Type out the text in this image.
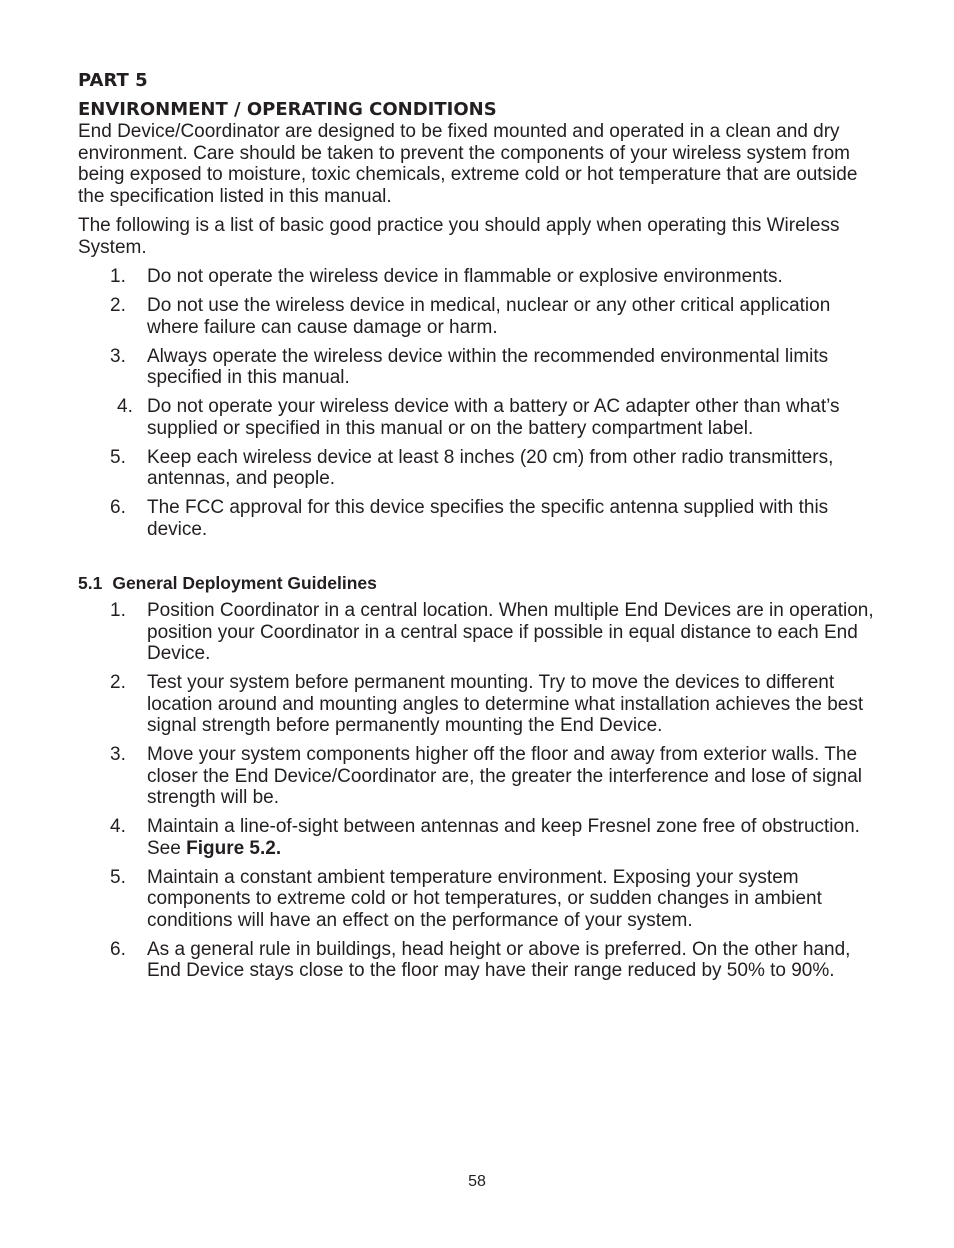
PART 5
ENVIRONMENT / OPERATING CONDITIONS

End Device/Coordinator are designed to be fixed mounted and operated in a clean and dry environment. Care should be taken to prevent the components of your wireless system from being exposed to moisture, toxic chemicals, extreme cold or hot temperature that are outside the specification listed in this manual.

The following is a list of basic good practice you should apply when operating this Wireless System.

1. Do not operate the wireless device in flammable or explosive environments.
2. Do not use the wireless device in medical, nuclear or any other critical application where failure can cause damage or harm.
3. Always operate the wireless device within the recommended environmental limits specified in this manual.
4. Do not operate your wireless device with a battery or AC adapter other than what’s supplied or specified in this manual or on the battery compartment label.
5. Keep each wireless device at least 8 inches (20 cm) from other radio transmitters, antennas, and people.
6. The FCC approval for this device specifies the specific antenna supplied with this device.
5.1 General Deployment Guidelines
1. Position Coordinator in a central location. When multiple End Devices are in operation, position your Coordinator in a central space if possible in equal distance to each End Device.
2. Test your system before permanent mounting. Try to move the devices to different location around and mounting angles to determine what installation achieves the best signal strength before permanently mounting the End Device.
3. Move your system components higher off the floor and away from exterior walls. The closer the End Device/Coordinator are, the greater the interference and lose of signal strength will be.
4. Maintain a line-of-sight between antennas and keep Fresnel zone free of obstruction. See Figure 5.2.
5. Maintain a constant ambient temperature environment. Exposing your system components to extreme cold or hot temperatures, or sudden changes in ambient conditions will have an effect on the performance of your system.
6. As a general rule in buildings, head height or above is preferred. On the other hand, End Device stays close to the floor may have their range reduced by 50% to 90%.
58
